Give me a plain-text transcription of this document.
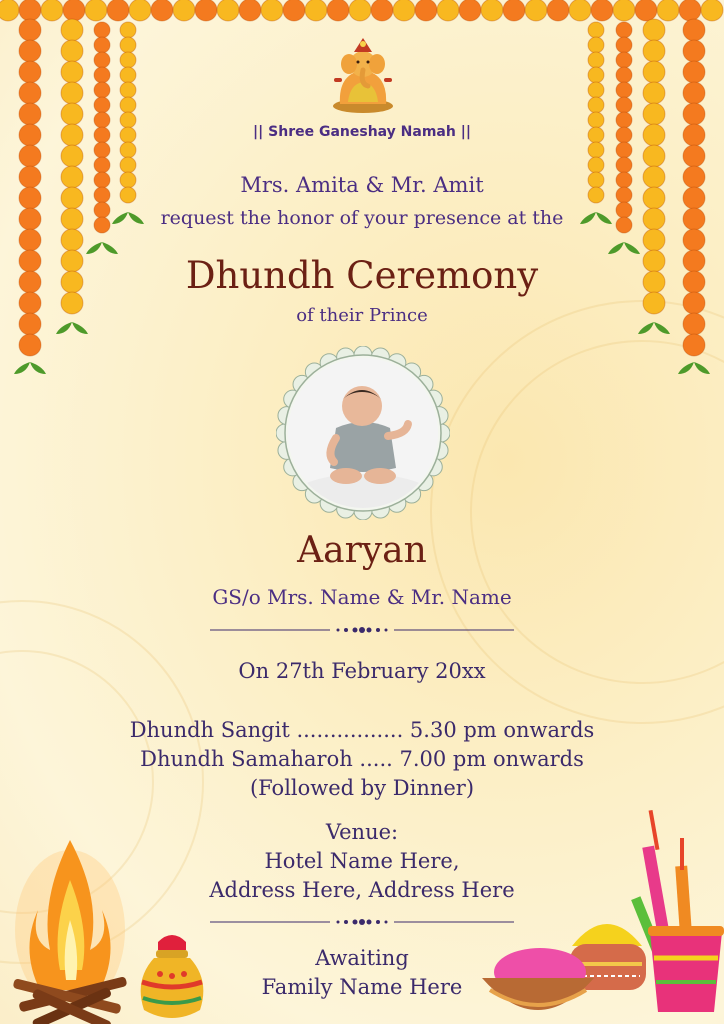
|| Shree Ganeshay Namah ||
Mrs. Amita & Mr. Amit
request the honor of your presence at the
Dhundh Ceremony
of their Prince
Aaryan
GS/o Mrs. Name & Mr. Name
On 27th February 20xx
Dhundh Sangit ................ 5.30 pm onwards
Dhundh Samaharoh ..... 7.00 pm onwards
(Followed by Dinner)
Venue:
Hotel Name Here,
Address Here, Address Here
Awaiting
Family Name Here
